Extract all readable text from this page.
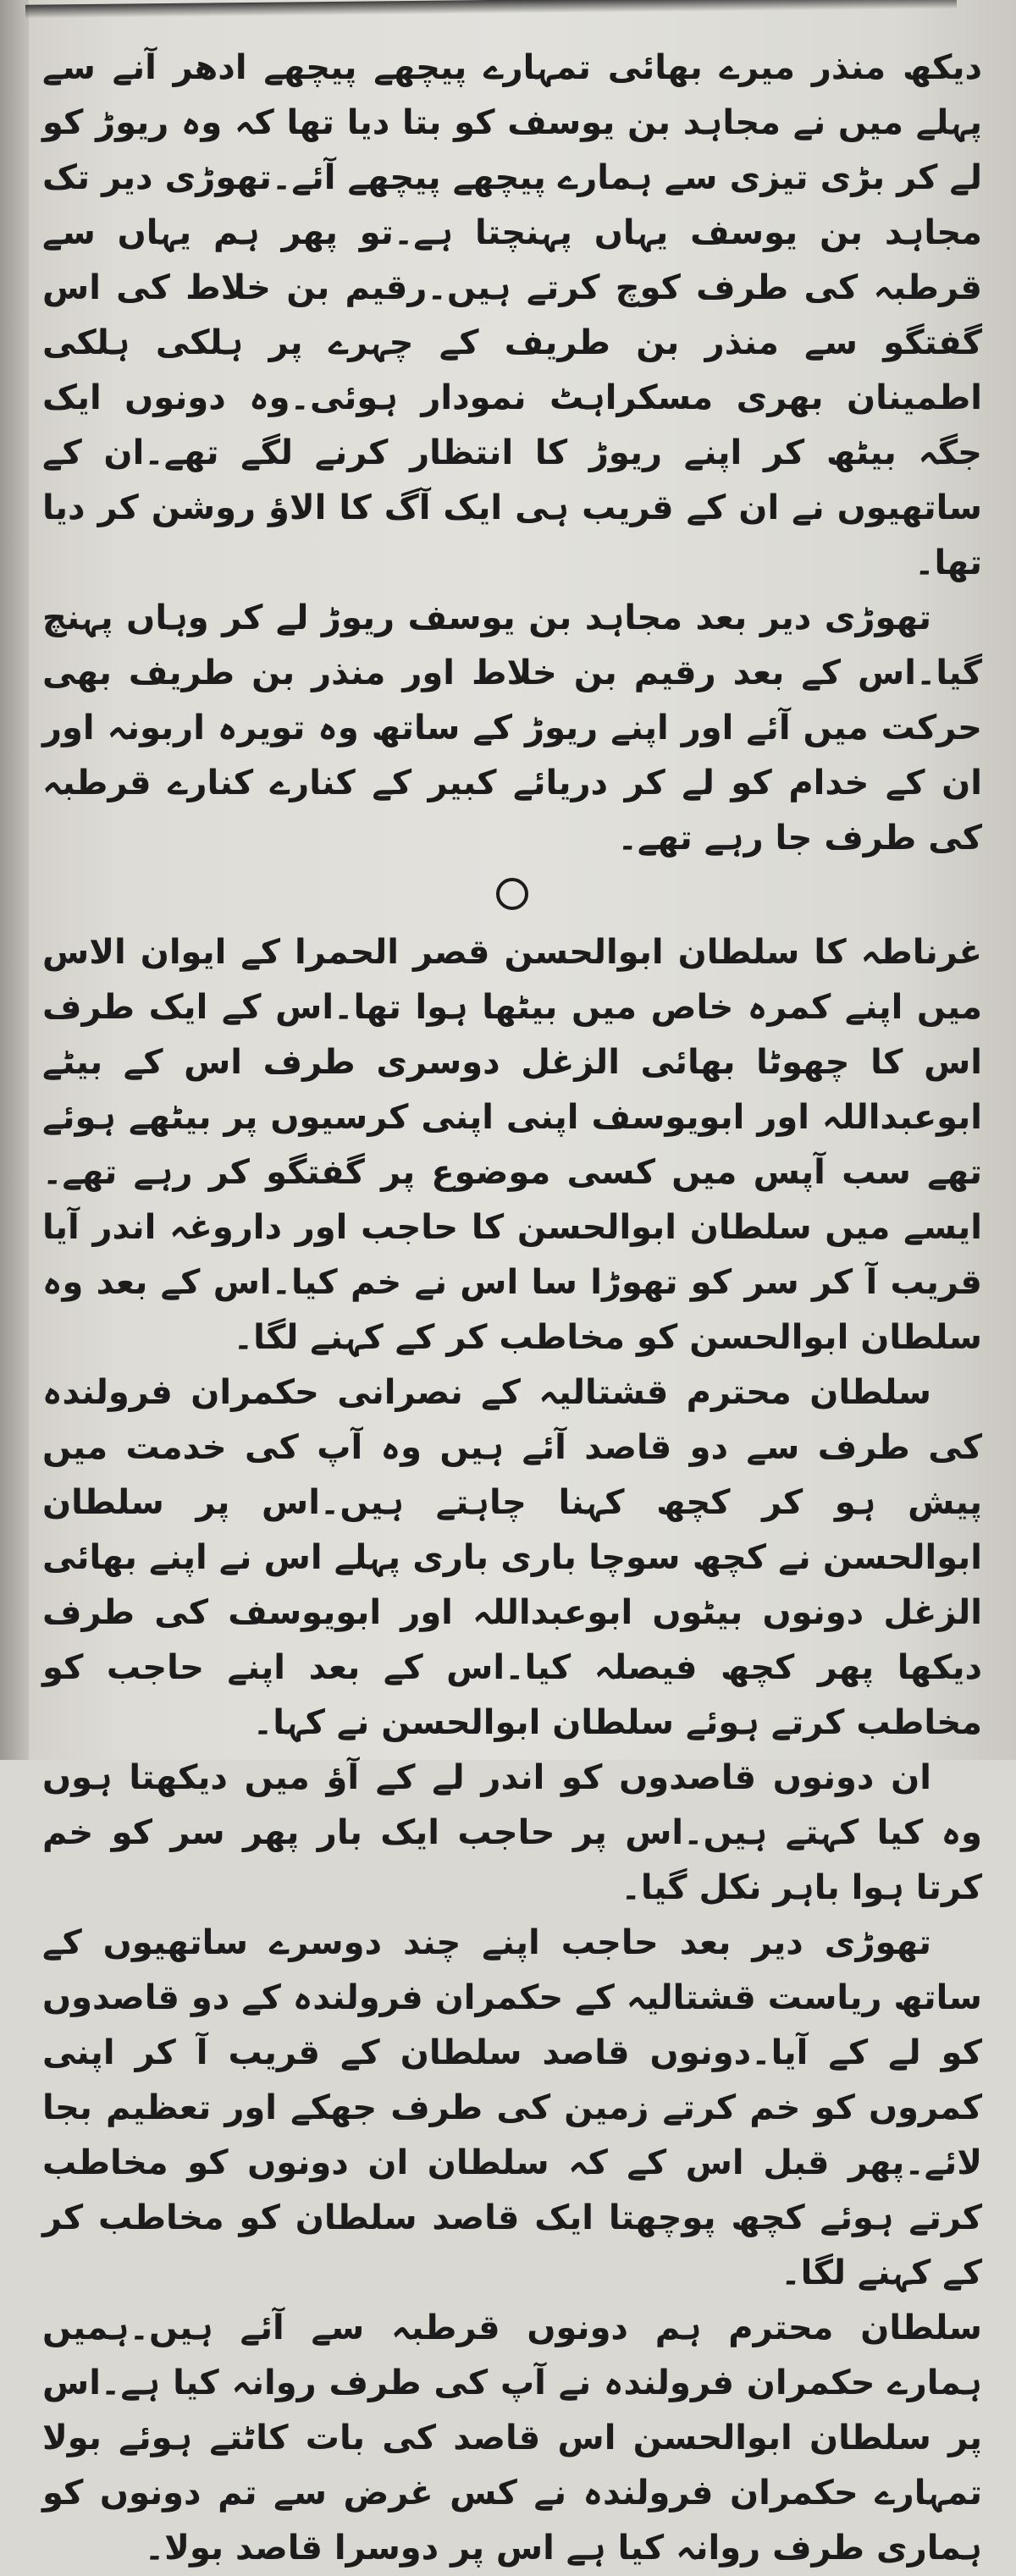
دیکھ منذر میرے بھائی تمہارے پیچھے پیچھے ادھر آنے سے پہلے میں نے مجاہد بن یوسف کو بتا دیا تھا کہ وہ ریوڑ کو لے کر بڑی تیزی سے ہمارے پیچھے پیچھے آئے۔تھوڑی دیر تک مجاہد بن یوسف یہاں پہنچتا ہے۔تو پھر ہم یہاں سے قرطبہ کی طرف کوچ کرتے ہیں۔رقیم بن خلاط کی اس گفتگو سے منذر بن طریف کے چہرے پر ہلکی ہلکی اطمینان بھری مسکراہٹ نمودار ہوئی۔وہ دونوں ایک جگہ بیٹھ کر اپنے ریوڑ کا انتظار کرنے لگے تھے۔ان کے ساتھیوں نے ان کے قریب ہی ایک آگ کا الاؤ روشن کر دیا تھا۔

تھوڑی دیر بعد مجاہد بن یوسف ریوڑ لے کر وہاں پہنچ گیا۔اس کے بعد رقیم بن خلاط اور منذر بن طریف بھی حرکت میں آئے اور اپنے ریوڑ کے ساتھ وہ تویرہ اربونہ اور ان کے خدام کو لے کر دریائے کبیر کے کنارے کنارے قرطبہ کی طرف جا رہے تھے۔

غرناطہ کا سلطان ابوالحسن قصر الحمرا کے ایوان الاس میں اپنے کمرہ خاص میں بیٹھا ہوا تھا۔اس کے ایک طرف اس کا چھوٹا بھائی الزغل دوسری طرف اس کے بیٹے ابوعبداللہ اور ابویوسف اپنی اپنی کرسیوں پر بیٹھے ہوئے تھے سب آپس میں کسی موضوع پر گفتگو کر رہے تھے۔ایسے میں سلطان ابوالحسن کا حاجب اور داروغہ اندر آیا قریب آ کر سر کو تھوڑا سا اس نے خم کیا۔اس کے بعد وہ سلطان ابوالحسن کو مخاطب کر کے کہنے لگا۔

سلطان محترم قشتالیہ کے نصرانی حکمران فرولندہ کی طرف سے دو قاصد آئے ہیں وہ آپ کی خدمت میں پیش ہو کر کچھ کہنا چاہتے ہیں۔اس پر سلطان ابوالحسن نے کچھ سوچا باری باری پہلے اس نے اپنے بھائی الزغل دونوں بیٹوں ابوعبداللہ اور ابویوسف کی طرف دیکھا پھر کچھ فیصلہ کیا۔اس کے بعد اپنے حاجب کو مخاطب کرتے ہوئے سلطان ابوالحسن نے کہا۔

ان دونوں قاصدوں کو اندر لے کے آؤ میں دیکھتا ہوں وہ کیا کہتے ہیں۔اس پر حاجب ایک بار پھر سر کو خم کرتا ہوا باہر نکل گیا۔

تھوڑی دیر بعد حاجب اپنے چند دوسرے ساتھیوں کے ساتھ ریاست قشتالیہ کے حکمران فرولندہ کے دو قاصدوں کو لے کے آیا۔دونوں قاصد سلطان کے قریب آ کر اپنی کمروں کو خم کرتے زمین کی طرف جھکے اور تعظیم بجا لائے۔پھر قبل اس کے کہ سلطان ان دونوں کو مخاطب کرتے ہوئے کچھ پوچھتا ایک قاصد سلطان کو مخاطب کر کے کہنے لگا۔

سلطان محترم ہم دونوں قرطبہ سے آئے ہیں۔ہمیں ہمارے حکمران فرولندہ نے آپ کی طرف روانہ کیا ہے۔اس پر سلطان ابوالحسن اس قاصد کی بات کاٹتے ہوئے بولا تمہارے حکمران فرولندہ نے کس غرض سے تم دونوں کو ہماری طرف روانہ کیا ہے اس پر دوسرا قاصد بولا۔
